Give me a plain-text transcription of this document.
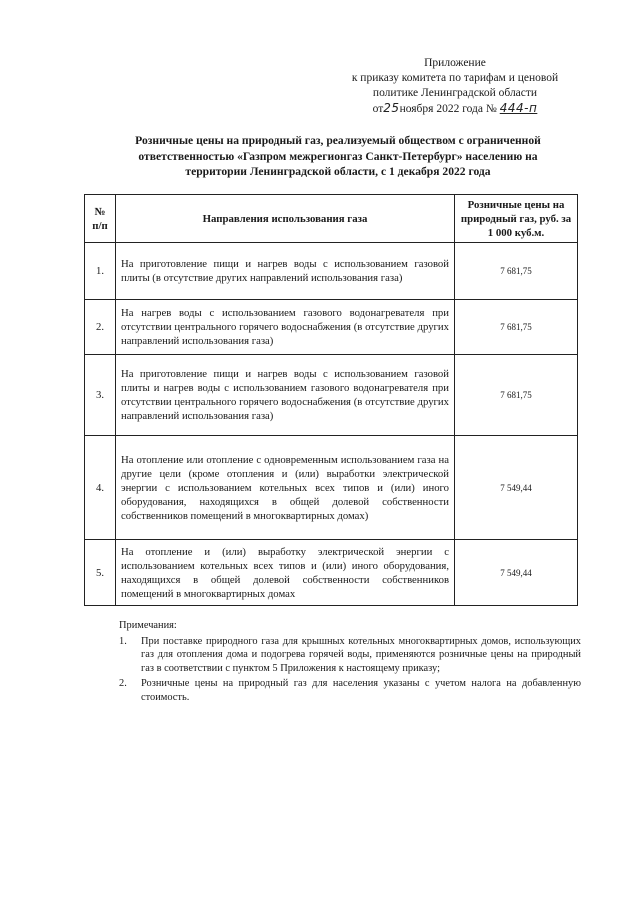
Приложение
к приказу комитета по тарифам и ценовой
политике Ленинградской области
от25ноября 2022 года № 444-п
Розничные цены на природный газ, реализуемый обществом с ограниченной ответственностью «Газпром межрегионгаз Санкт-Петербург» населению на территории Ленинградской области, с 1 декабря 2022 года
№ п/п	Направления использования газа	Розничные цены на природный газ, руб. за 1 000 куб.м.
1.	На приготовление пищи и нагрев воды с использованием газовой плиты (в отсутствие других направлений использования газа)	7 681,75
2.	На нагрев воды с использованием газового водонагревателя при отсутствии центрального горячего водоснабжения (в отсутствие других направлений использования газа)	7 681,75
3.	На приготовление пищи и нагрев воды с использованием газовой плиты и нагрев воды с использованием газового водонагревателя при отсутствии центрального горячего водоснабжения (в отсутствие других направлений использования газа)	7 681,75
4.	На отопление или отопление с одновременным использованием газа на другие цели (кроме отопления и (или) выработки электрической энергии с использованием котельных всех типов и (или) иного оборудования, находящихся в общей долевой собственности собственников помещений в многоквартирных домах)	7 549,44
5.	На отопление и (или) выработку электрической энергии с использованием котельных всех типов и (или) иного оборудования, находящихся в общей долевой собственности собственников помещений в многоквартирных домах	7 549,44
Примечания:
1. При поставке природного газа для крышных котельных многоквартирных домов, использующих газ для отопления дома и подогрева горячей воды, применяются розничные цены на природный газ в соответствии с пунктом 5 Приложения к настоящему приказу;
2. Розничные цены на природный газ для населения указаны с учетом налога на добавленную стоимость.
